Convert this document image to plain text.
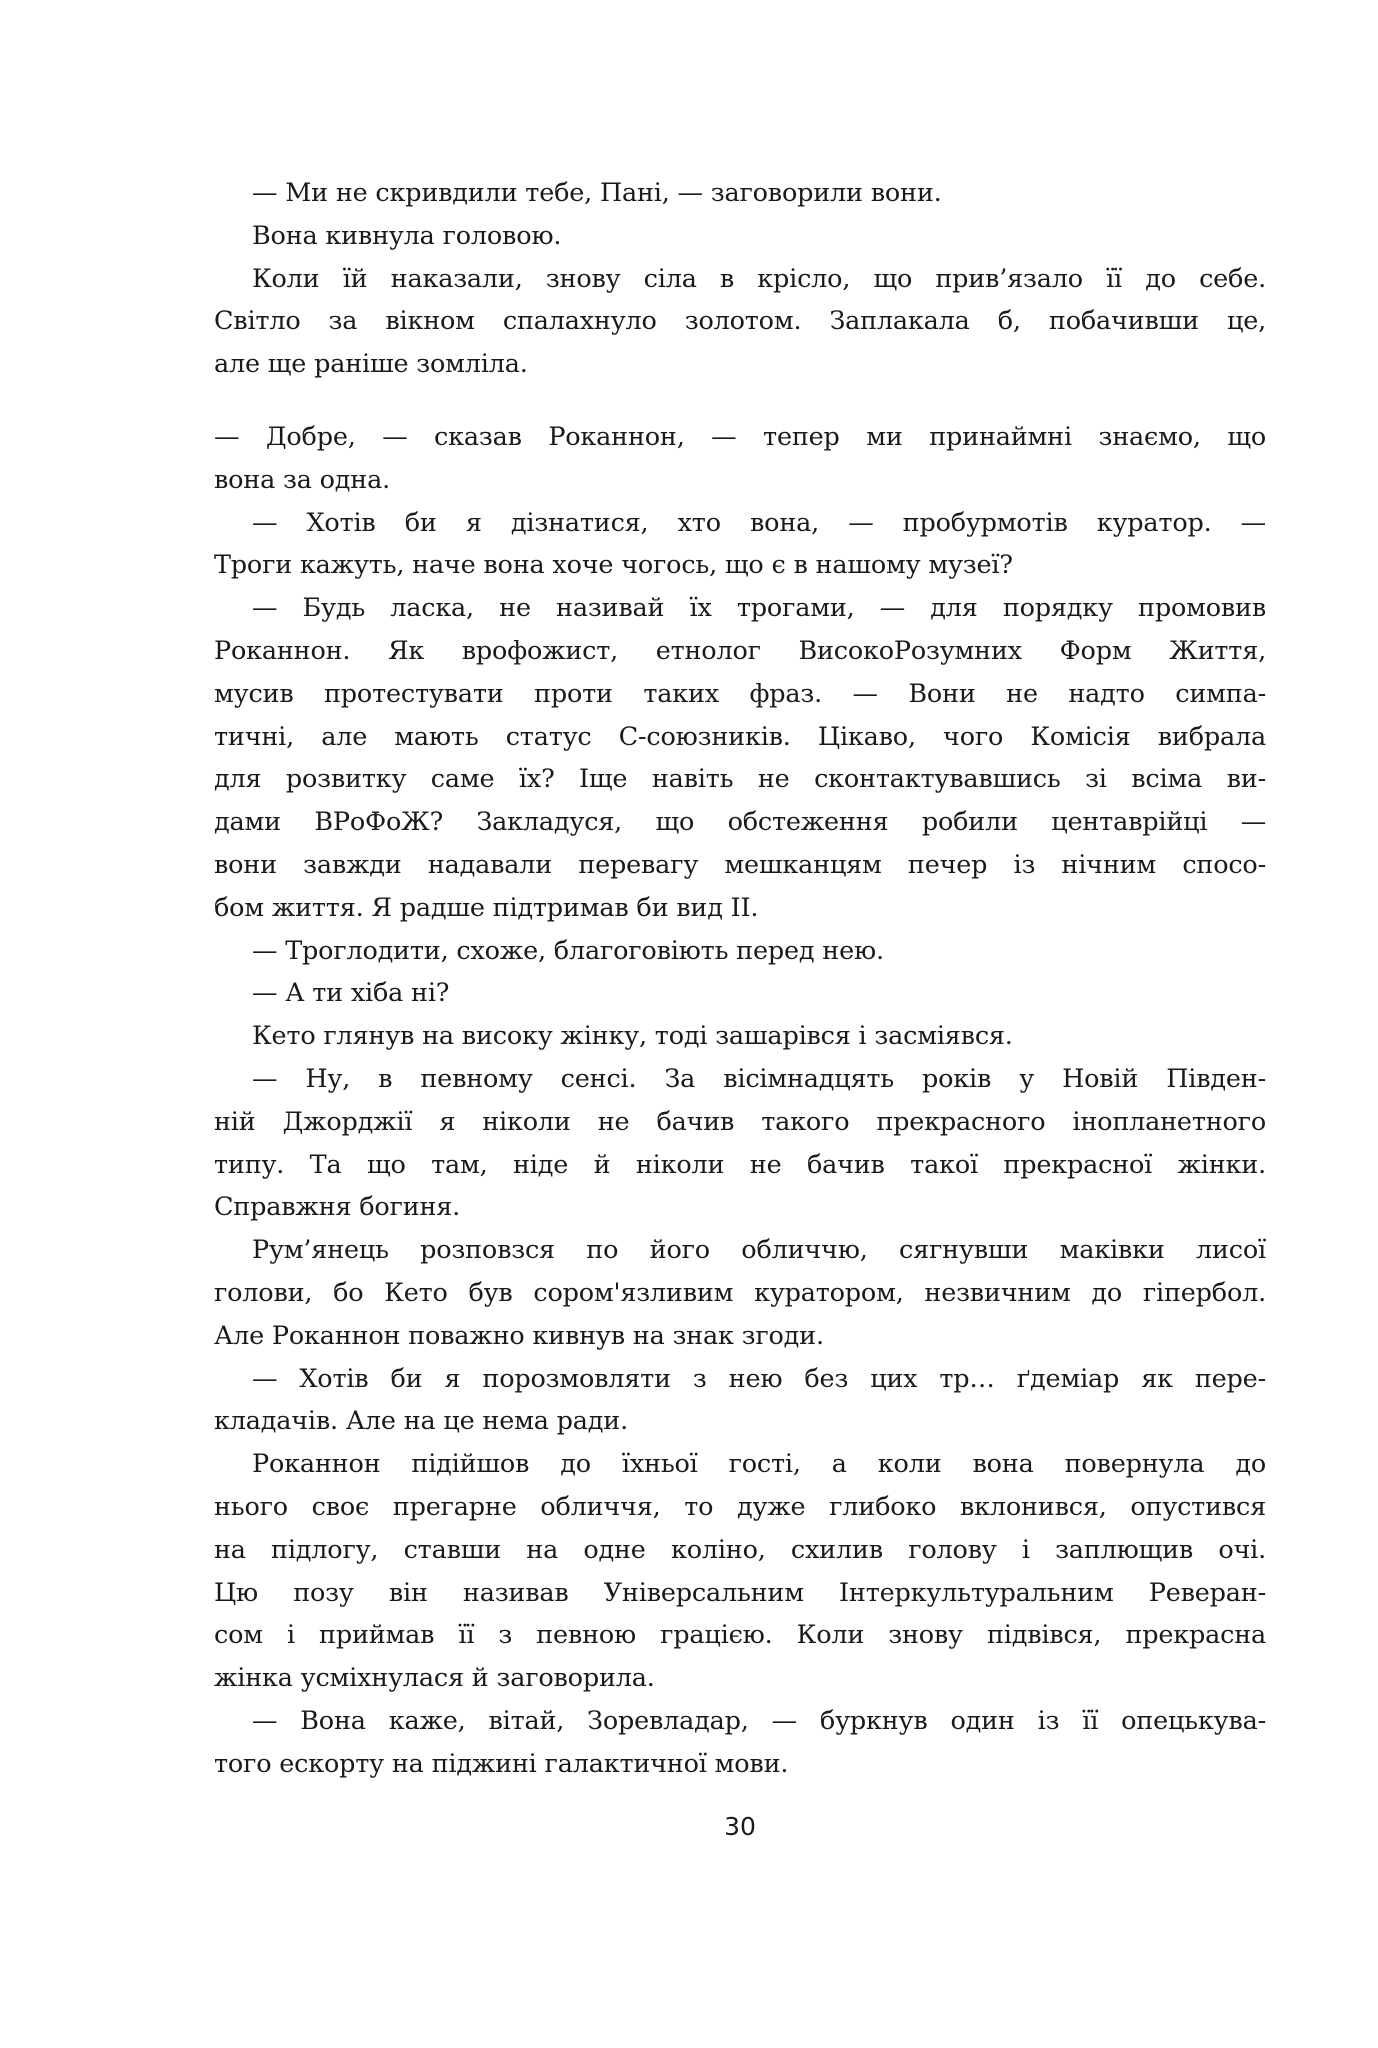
— Ми не скривдили тебе, Пані, — заговорили вони.
Вона кивнула головою.
Коли їй наказали, знову сіла в крісло, що прив’язало її до себе.
Світло за вікном спалахнуло золотом. Заплакала б, побачивши це,
але ще раніше зомліла.
— Добре, — сказав Роканнон, — тепер ми принаймні знаємо, що
вона за одна.
— Хотів би я дізнатися, хто вона, — пробурмотів куратор. —
Троги кажуть, наче вона хоче чогось, що є в нашому музеї?
— Будь ласка, не називай їх трогами, — для порядку промовив
Роканнон. Як врофожист, етнолог ВисокоРозумних Форм Життя,
мусив протестувати проти таких фраз. — Вони не надто симпа-
тичні, але мають статус С-союзників. Цікаво, чого Комісія вибрала
для розвитку саме їх? Іще навіть не сконтактувавшись зі всіма ви-
дами ВРоФоЖ? Закладуся, що обстеження робили центаврійці —
вони завжди надавали перевагу мешканцям печер із нічним спосо-
бом життя. Я радше підтримав би вид ІІ.
— Троглодити, схоже, благоговіють перед нею.
— А ти хіба ні?
Кето глянув на високу жінку, тоді зашарівся і засміявся.
— Ну, в певному сенсі. За вісімнадцять років у Новій Півден-
ній Джорджії я ніколи не бачив такого прекрасного інопланетного
типу. Та що там, ніде й ніколи не бачив такої прекрасної жінки.
Справжня богиня.
Рум’янець розповзся по його обличчю, сягнувши маківки лисої
голови, бо Кето був сором'язливим куратором, незвичним до гіпербол.
Але Роканнон поважно кивнув на знак згоди.
— Хотів би я порозмовляти з нею без цих тр… ґдеміар як пере-
кладачів. Але на це нема ради.
Роканнон підійшов до їхньої гості, а коли вона повернула до
нього своє прегарне обличчя, то дуже глибоко вклонився, опустився
на підлогу, ставши на одне коліно, схилив голову і заплющив очі.
Цю позу він називав Універсальним Інтеркультуральним Реверан-
сом і приймав її з певною грацією. Коли знову підвівся, прекрасна
жінка усміхнулася й заговорила.
— Вона каже, вітай, Зоревладар, — буркнув один із її опецькува-
того ескорту на піджині галактичної мови.
30
